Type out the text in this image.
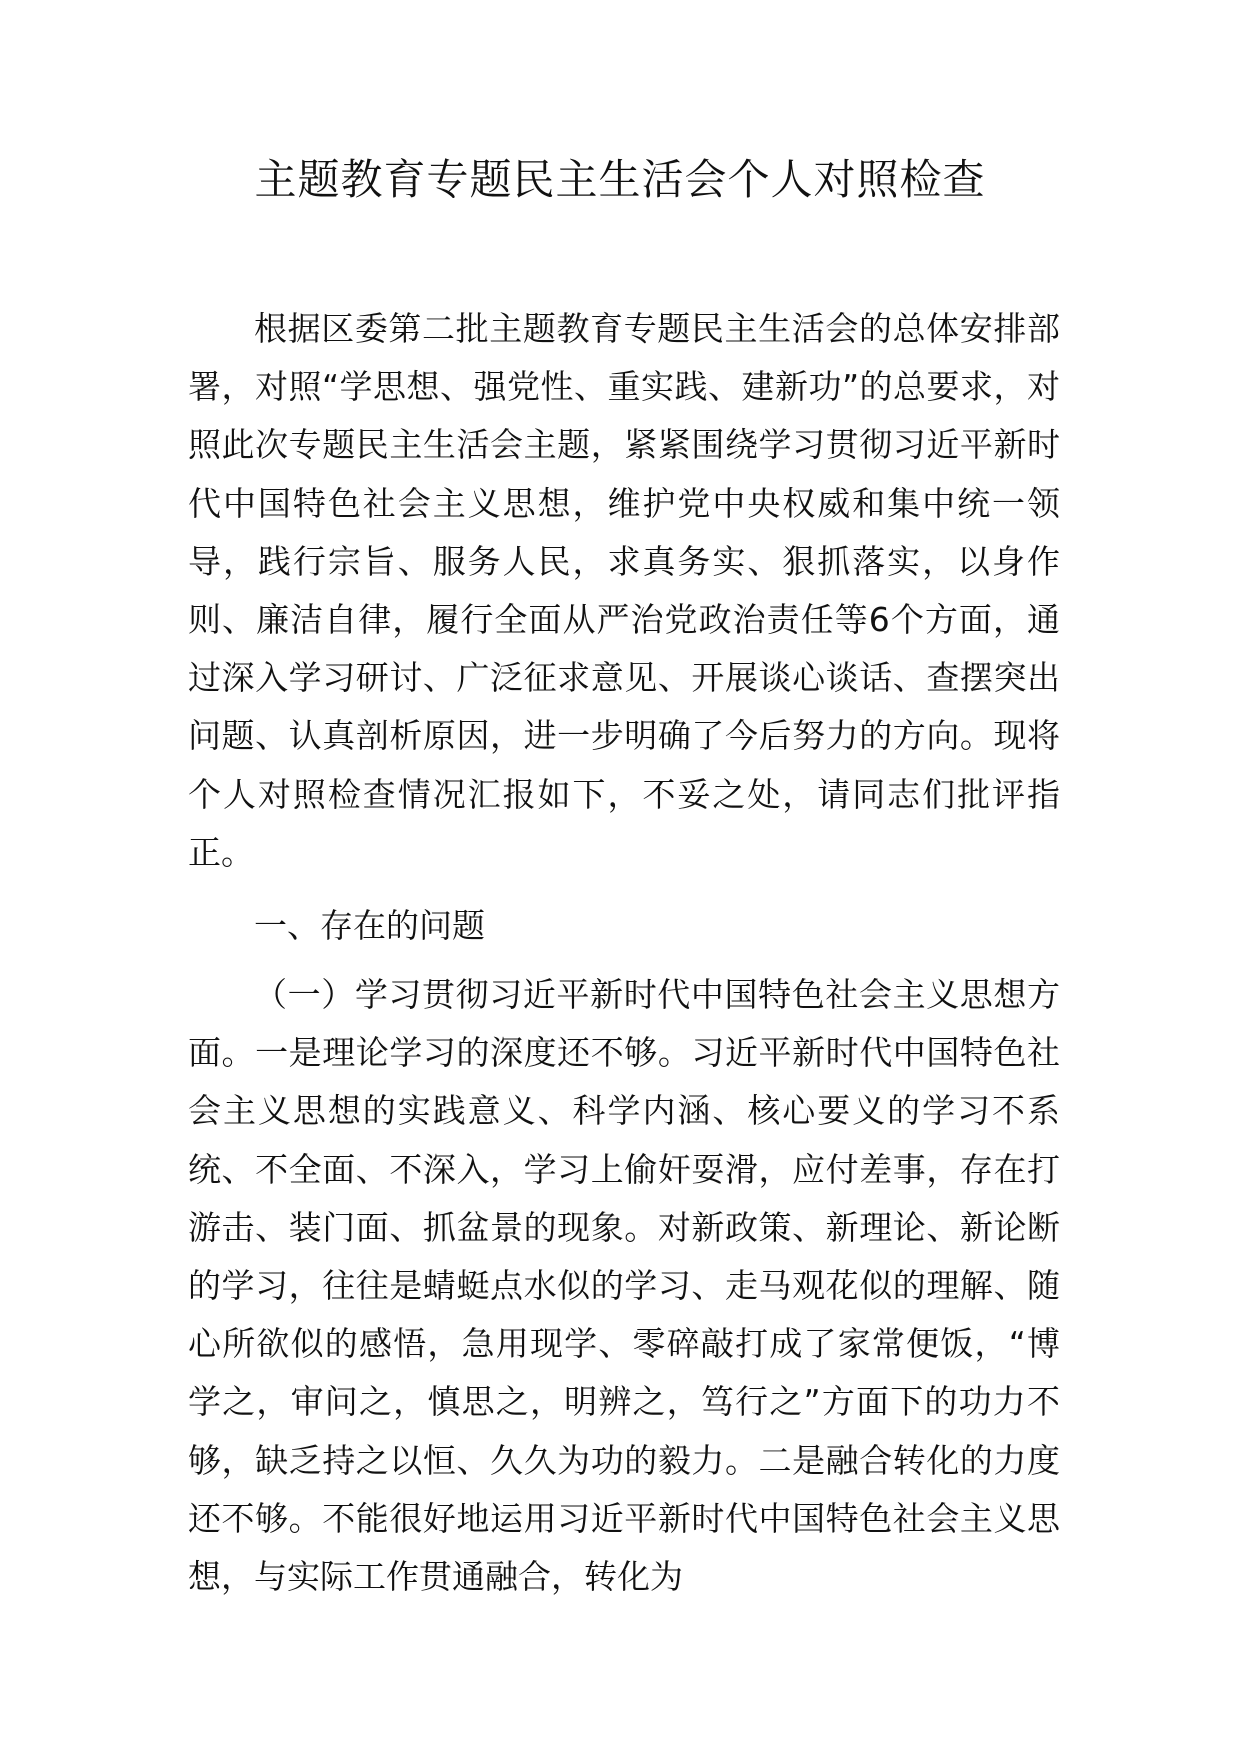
主题教育专题民主生活会个人对照检查

根据区委第二批主题教育专题民主生活会的总体安排部署，对照“学思想、强党性、重实践、建新功”的总要求，对照此次专题民主生活会主题，紧紧围绕学习贯彻习近平新时代中国特色社会主义思想，维护党中央权威和集中统一领导，践行宗旨、服务人民，求真务实、狠抓落实，以身作则、廉洁自律，履行全面从严治党政治责任等6个方面，通过深入学习研讨、广泛征求意见、开展谈心谈话、查摆突出问题、认真剖析原因，进一步明确了今后努力的方向。现将个人对照检查情况汇报如下，不妥之处，请同志们批评指正。

一、存在的问题

（一）学习贯彻习近平新时代中国特色社会主义思想方面。一是理论学习的深度还不够。习近平新时代中国特色社会主义思想的实践意义、科学内涵、核心要义的学习不系统、不全面、不深入，学习上偷奸耍滑，应付差事，存在打游击、装门面、抓盆景的现象。对新政策、新理论、新论断的学习，往往是蜻蜓点水似的学习、走马观花似的理解、随心所欲似的感悟，急用现学、零碎敲打成了家常便饭，“博学之，审问之，慎思之，明辨之，笃行之”方面下的功力不够，缺乏持之以恒、久久为功的毅力。二是融合转化的力度还不够。不能很好地运用习近平新时代中国特色社会主义思想，与实际工作贯通融合，转化为
